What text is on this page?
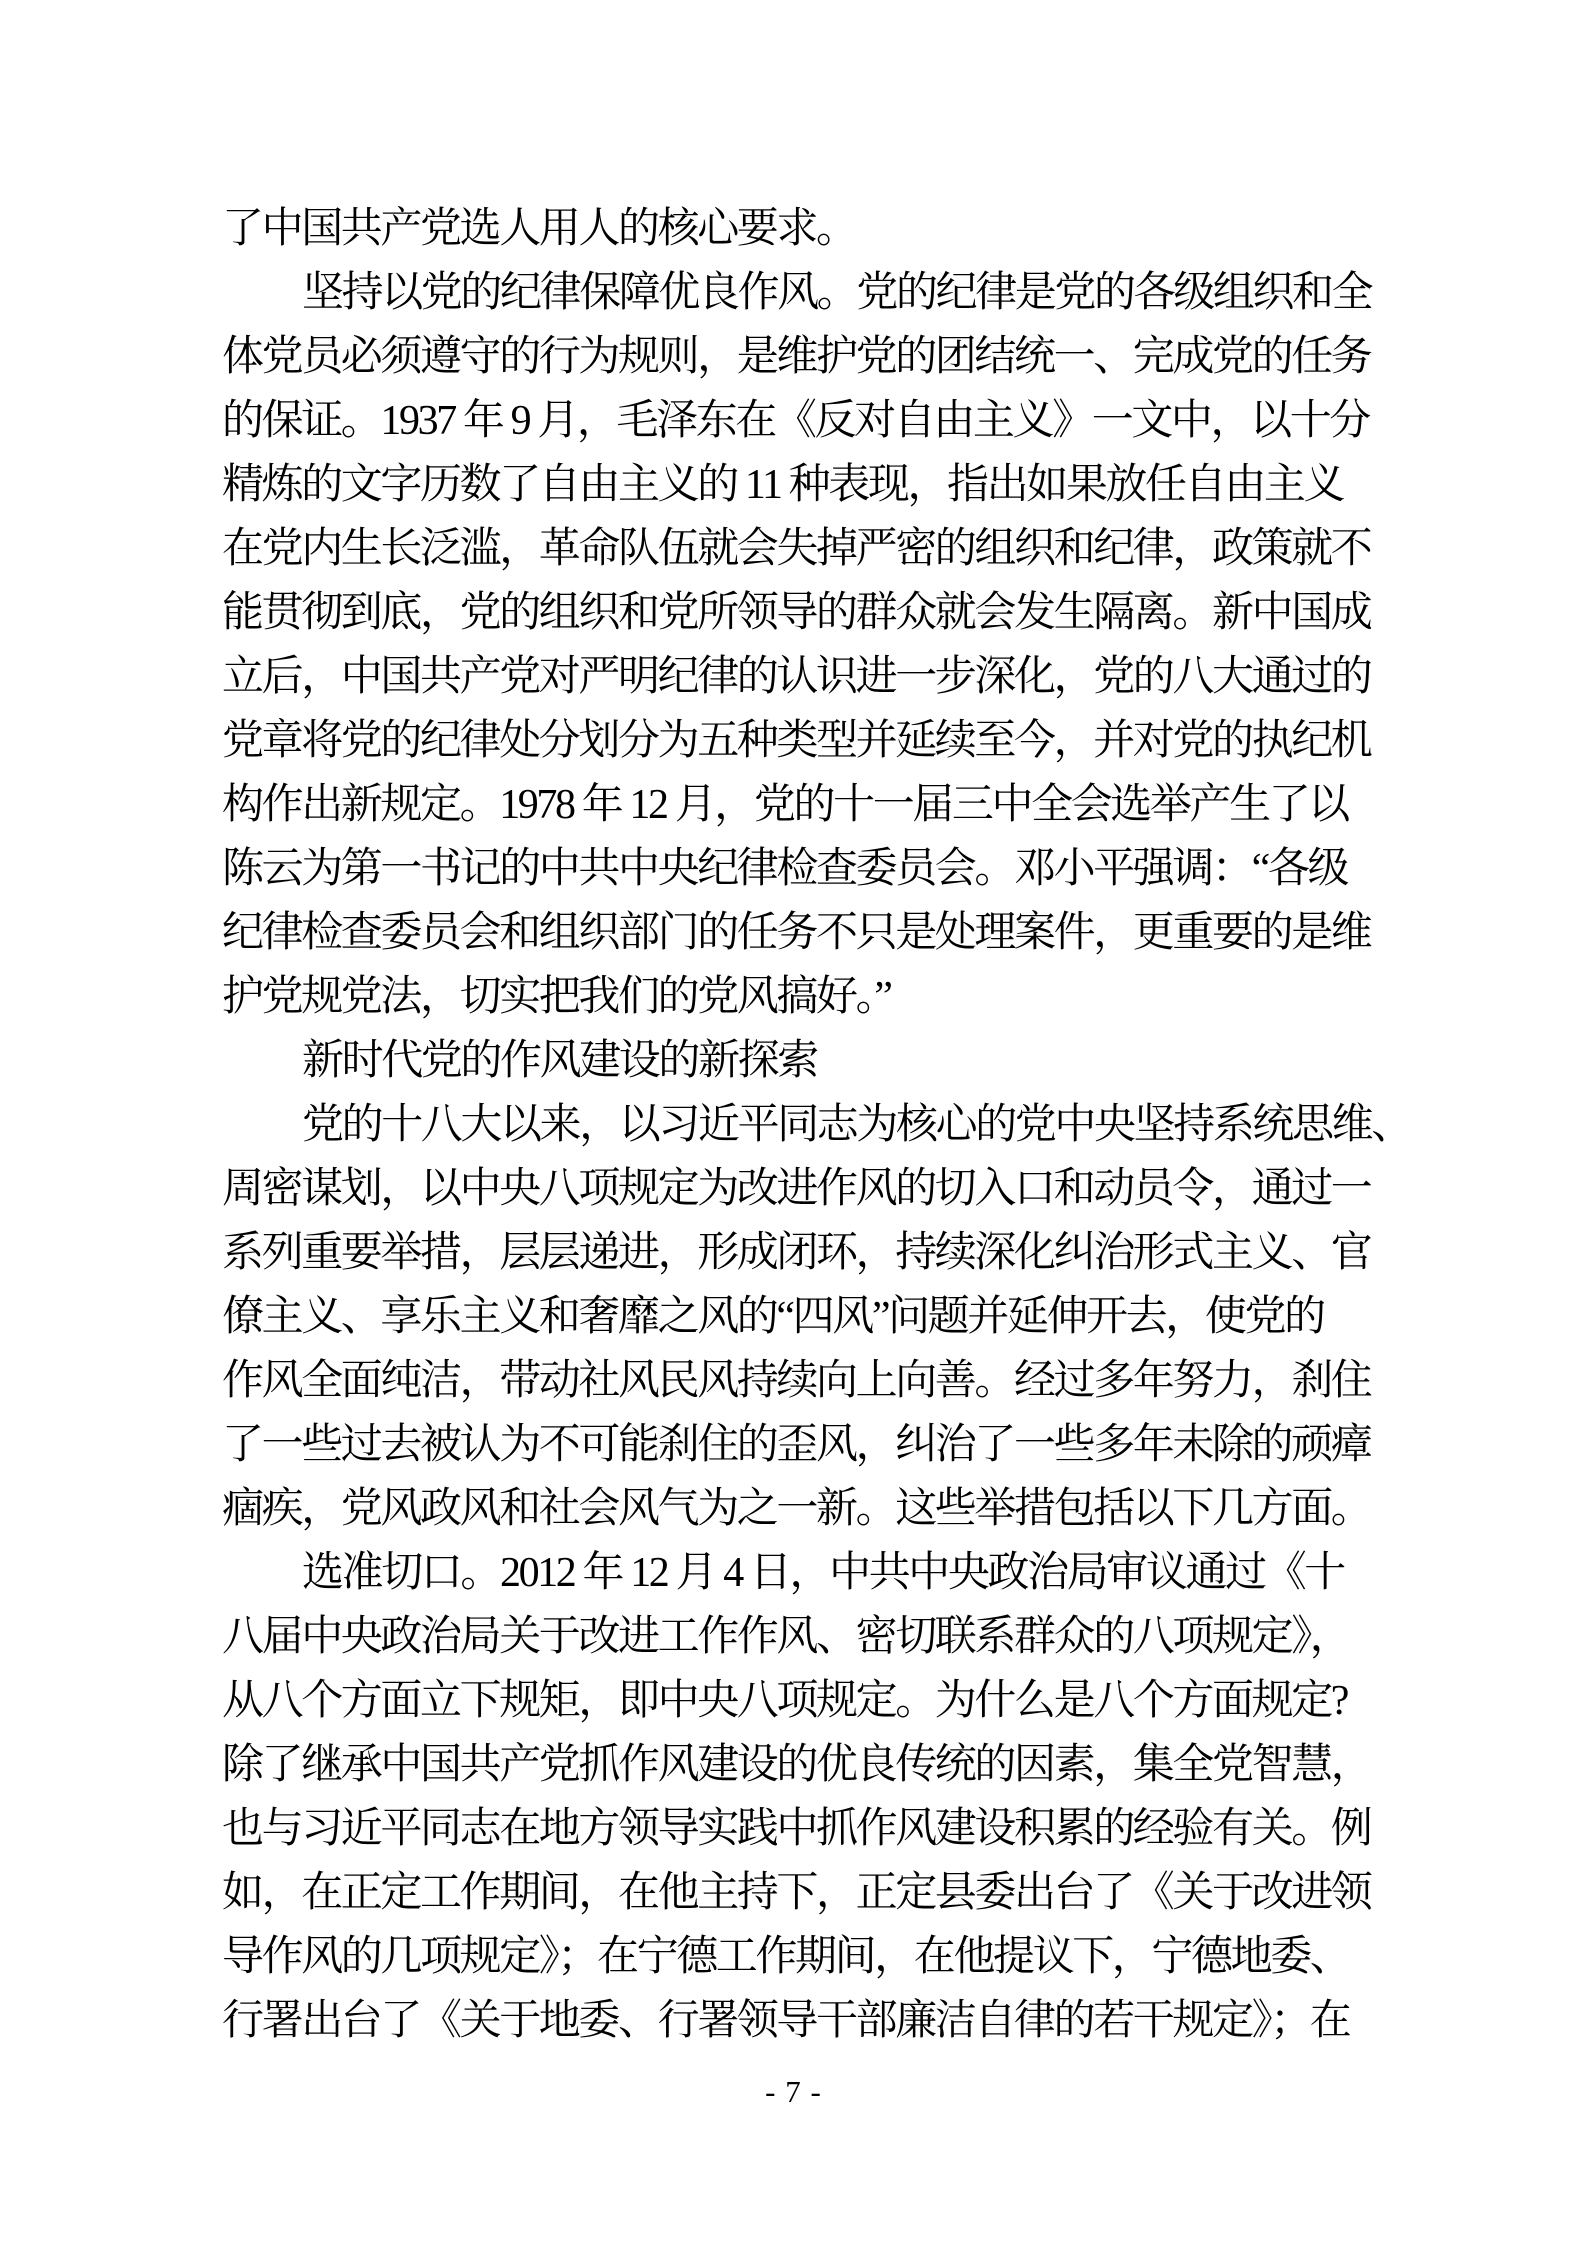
了中国共产党选人用人的核心要求。
坚持以党的纪律保障优良作风。党的纪律是党的各级组织和全
体党员必须遵守的行为规则，是维护党的团结统一、完成党的任务
的保证。1937 年 9 月，毛泽东在《反对自由主义》一文中，以十分
精炼的文字历数了自由主义的 11 种表现，指出如果放任自由主义
在党内生长泛滥，革命队伍就会失掉严密的组织和纪律，政策就不
能贯彻到底，党的组织和党所领导的群众就会发生隔离。新中国成
立后，中国共产党对严明纪律的认识进一步深化，党的八大通过的
党章将党的纪律处分划分为五种类型并延续至今，并对党的执纪机
构作出新规定。1978 年 12 月，党的十一届三中全会选举产生了以
陈云为第一书记的中共中央纪律检查委员会。邓小平强调：“各级
纪律检查委员会和组织部门的任务不只是处理案件，更重要的是维
护党规党法，切实把我们的党风搞好。”
新时代党的作风建设的新探索
党的十八大以来，以习近平同志为核心的党中央坚持系统思维、
周密谋划，以中央八项规定为改进作风的切入口和动员令，通过一
系列重要举措，层层递进，形成闭环，持续深化纠治形式主义、官
僚主义、享乐主义和奢靡之风的“四风”问题并延伸开去，使党的
作风全面纯洁，带动社风民风持续向上向善。经过多年努力，刹住
了一些过去被认为不可能刹住的歪风，纠治了一些多年未除的顽瘴
痼疾，党风政风和社会风气为之一新。这些举措包括以下几方面。
选准切口。2012 年 12 月 4 日，中共中央政治局审议通过《十
八届中央政治局关于改进工作作风、密切联系群众的八项规定》，
从八个方面立下规矩，即中央八项规定。为什么是八个方面规定?
除了继承中国共产党抓作风建设的优良传统的因素，集全党智慧，
也与习近平同志在地方领导实践中抓作风建设积累的经验有关。例
如，在正定工作期间，在他主持下，正定县委出台了《关于改进领
导作风的几项规定》；在宁德工作期间，在他提议下，宁德地委、
行署出台了《关于地委、行署领导干部廉洁自律的若干规定》；在
- 7 -
